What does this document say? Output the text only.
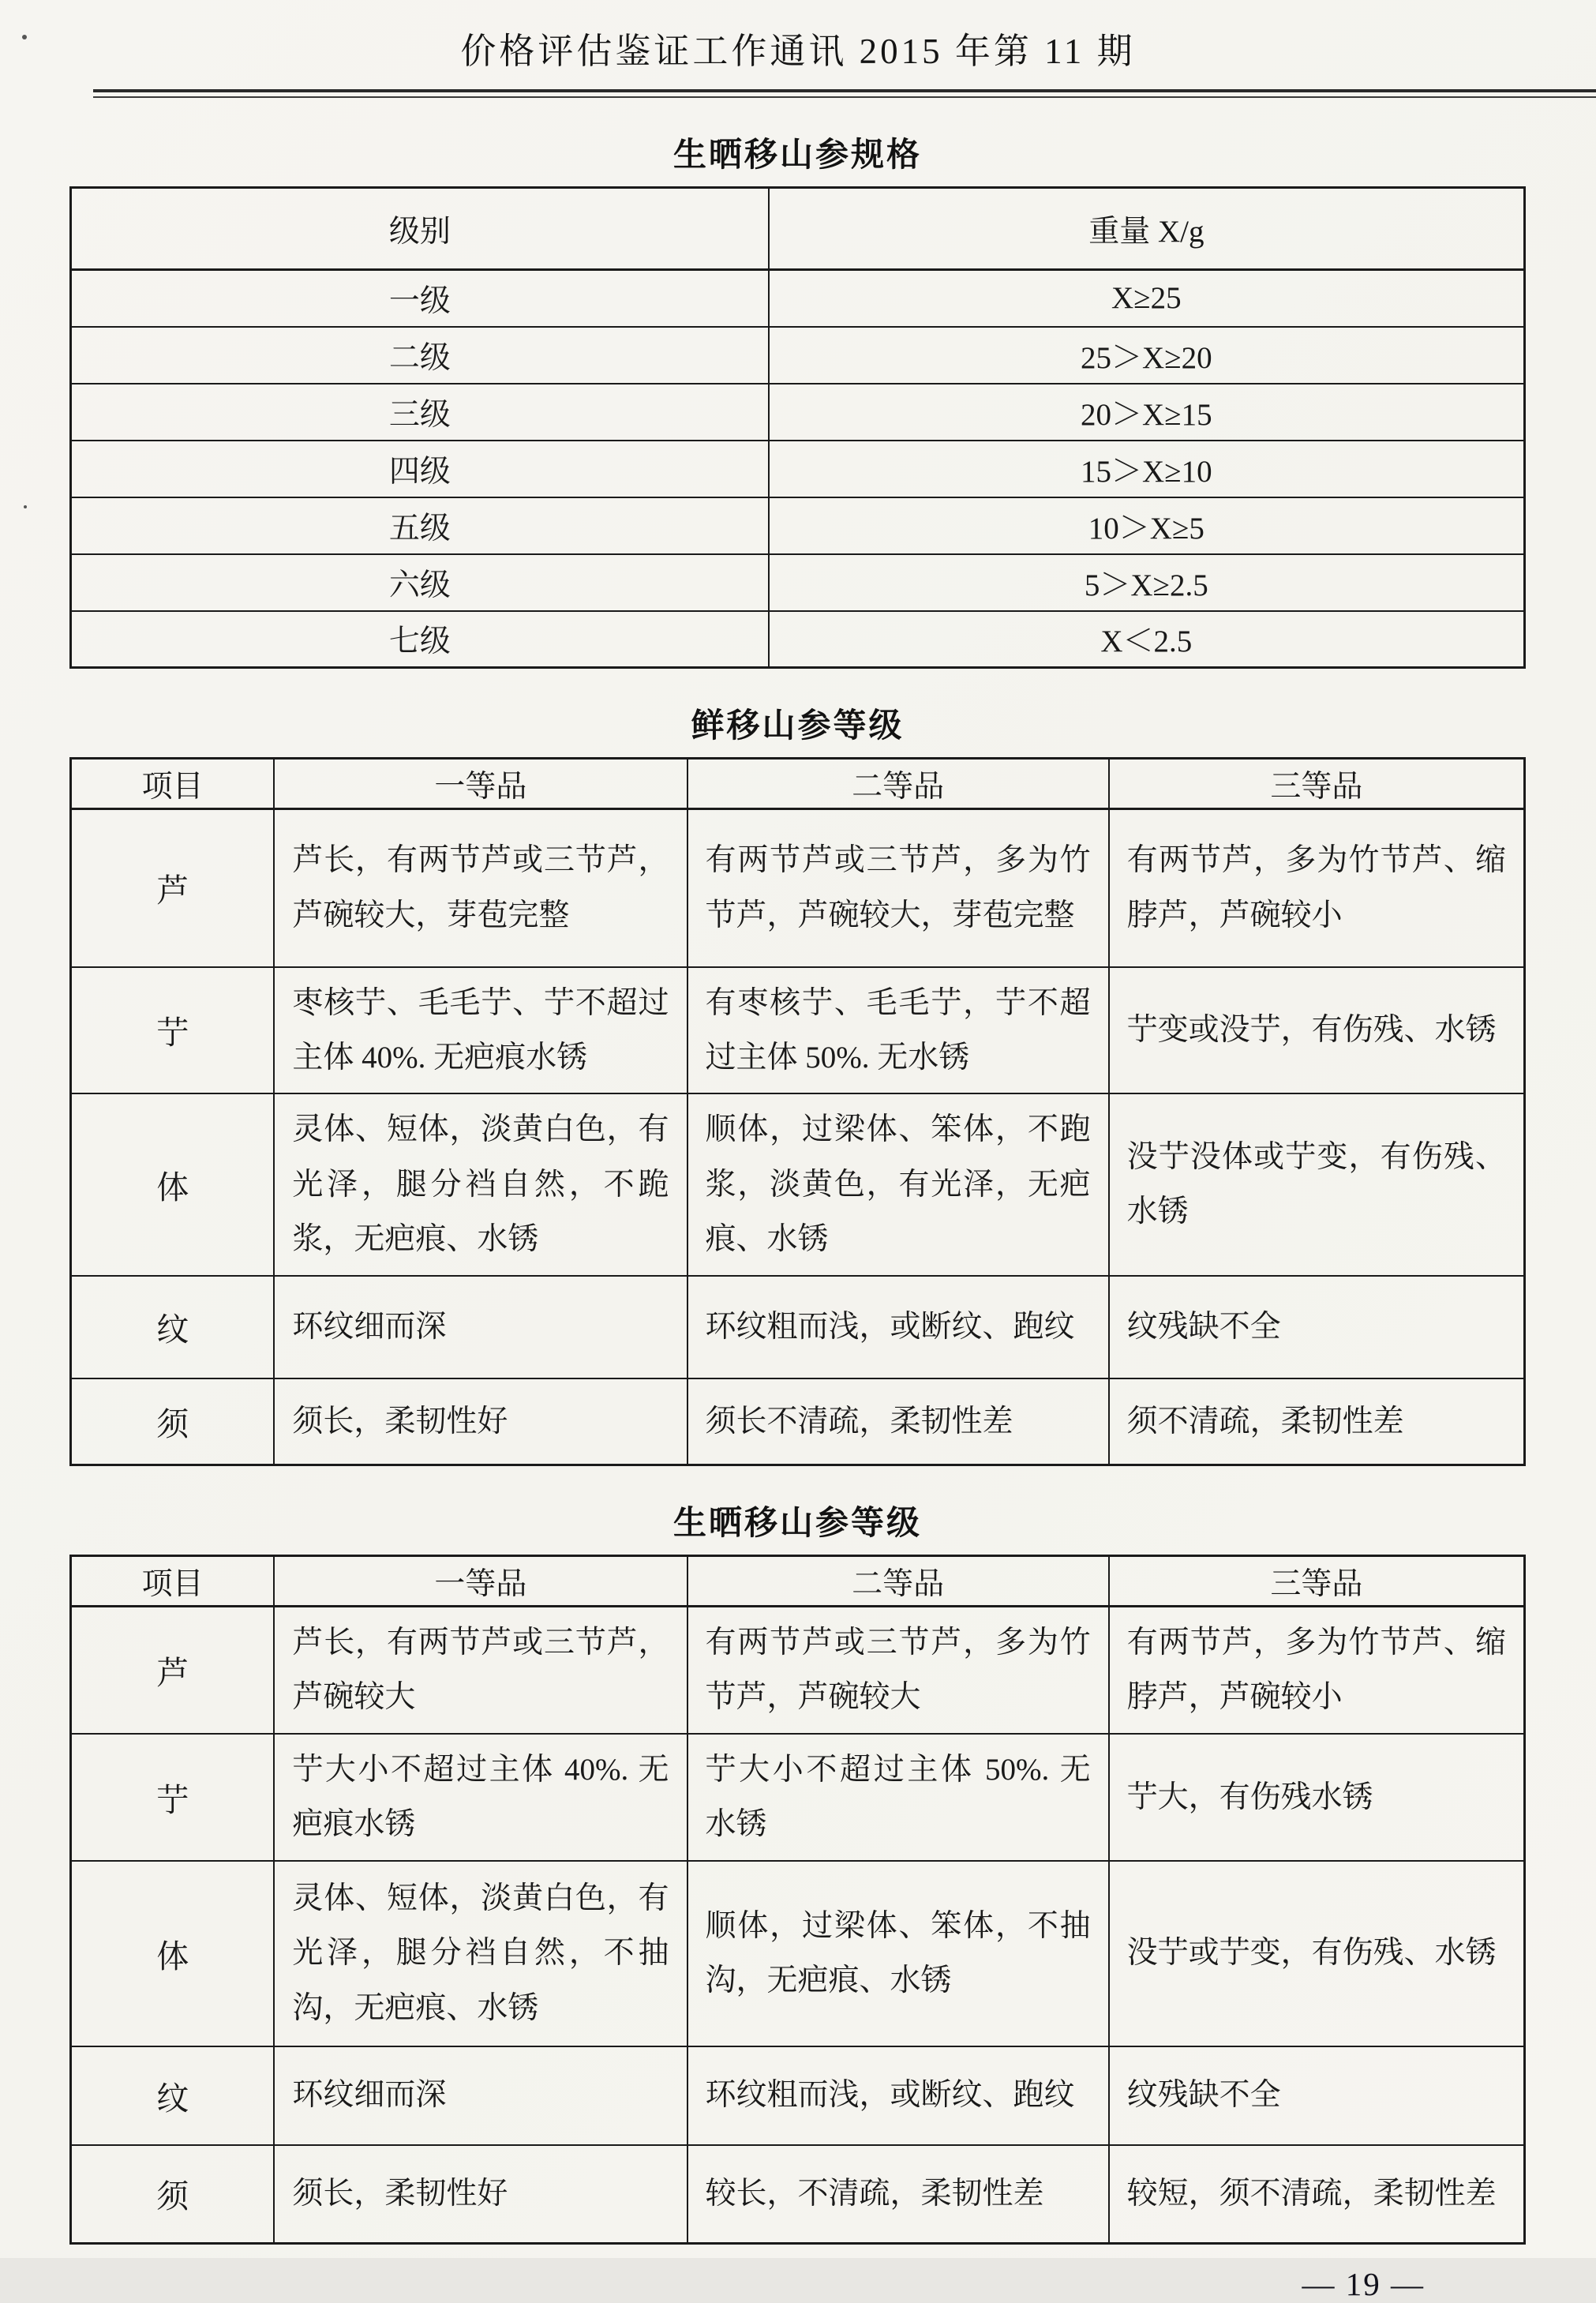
价格评估鉴证工作通讯 2015 年第 11 期
生晒移山参规格
级别	重量 X/g
一级	X≥25
二级	25＞X≥20
三级	20＞X≥15
四级	15＞X≥10
五级	10＞X≥5
六级	5＞X≥2.5
七级	X＜2.5
鲜移山参等级
项目	一等品	二等品	三等品
芦	芦长，有两节芦或三节芦，芦碗较大，芽苞完整	有两节芦或三节芦，多为竹节芦，芦碗较大，芽苞完整	有两节芦，多为竹节芦、缩脖芦，芦碗较小
艼	枣核艼、毛毛艼、艼不超过主体 40%. 无疤痕水锈	有枣核艼、毛毛艼，艼不超过主体 50%. 无水锈	艼变或没艼，有伤残、水锈
体	灵体、短体，淡黄白色，有光泽，腿分裆自然，不跪浆，无疤痕、水锈	顺体，过梁体、笨体，不跑浆，淡黄色，有光泽，无疤痕、水锈	没艼没体或艼变，有伤残、水锈
纹	环纹细而深	环纹粗而浅，或断纹、跑纹	纹残缺不全
须	须长，柔韧性好	须长不清疏，柔韧性差	须不清疏，柔韧性差
生晒移山参等级
项目	一等品	二等品	三等品
芦	芦长，有两节芦或三节芦，芦碗较大	有两节芦或三节芦，多为竹节芦，芦碗较大	有两节芦，多为竹节芦、缩脖芦，芦碗较小
艼	艼大小不超过主体 40%. 无疤痕水锈	艼大小不超过主体 50%. 无水锈	艼大，有伤残水锈
体	灵体、短体，淡黄白色，有光泽，腿分裆自然，不抽沟，无疤痕、水锈	顺体，过梁体、笨体，不抽沟，无疤痕、水锈	没艼或艼变，有伤残、水锈
纹	环纹细而深	环纹粗而浅，或断纹、跑纹	纹残缺不全
须	须长，柔韧性好	较长，不清疏，柔韧性差	较短，须不清疏，柔韧性差
— 19 —
